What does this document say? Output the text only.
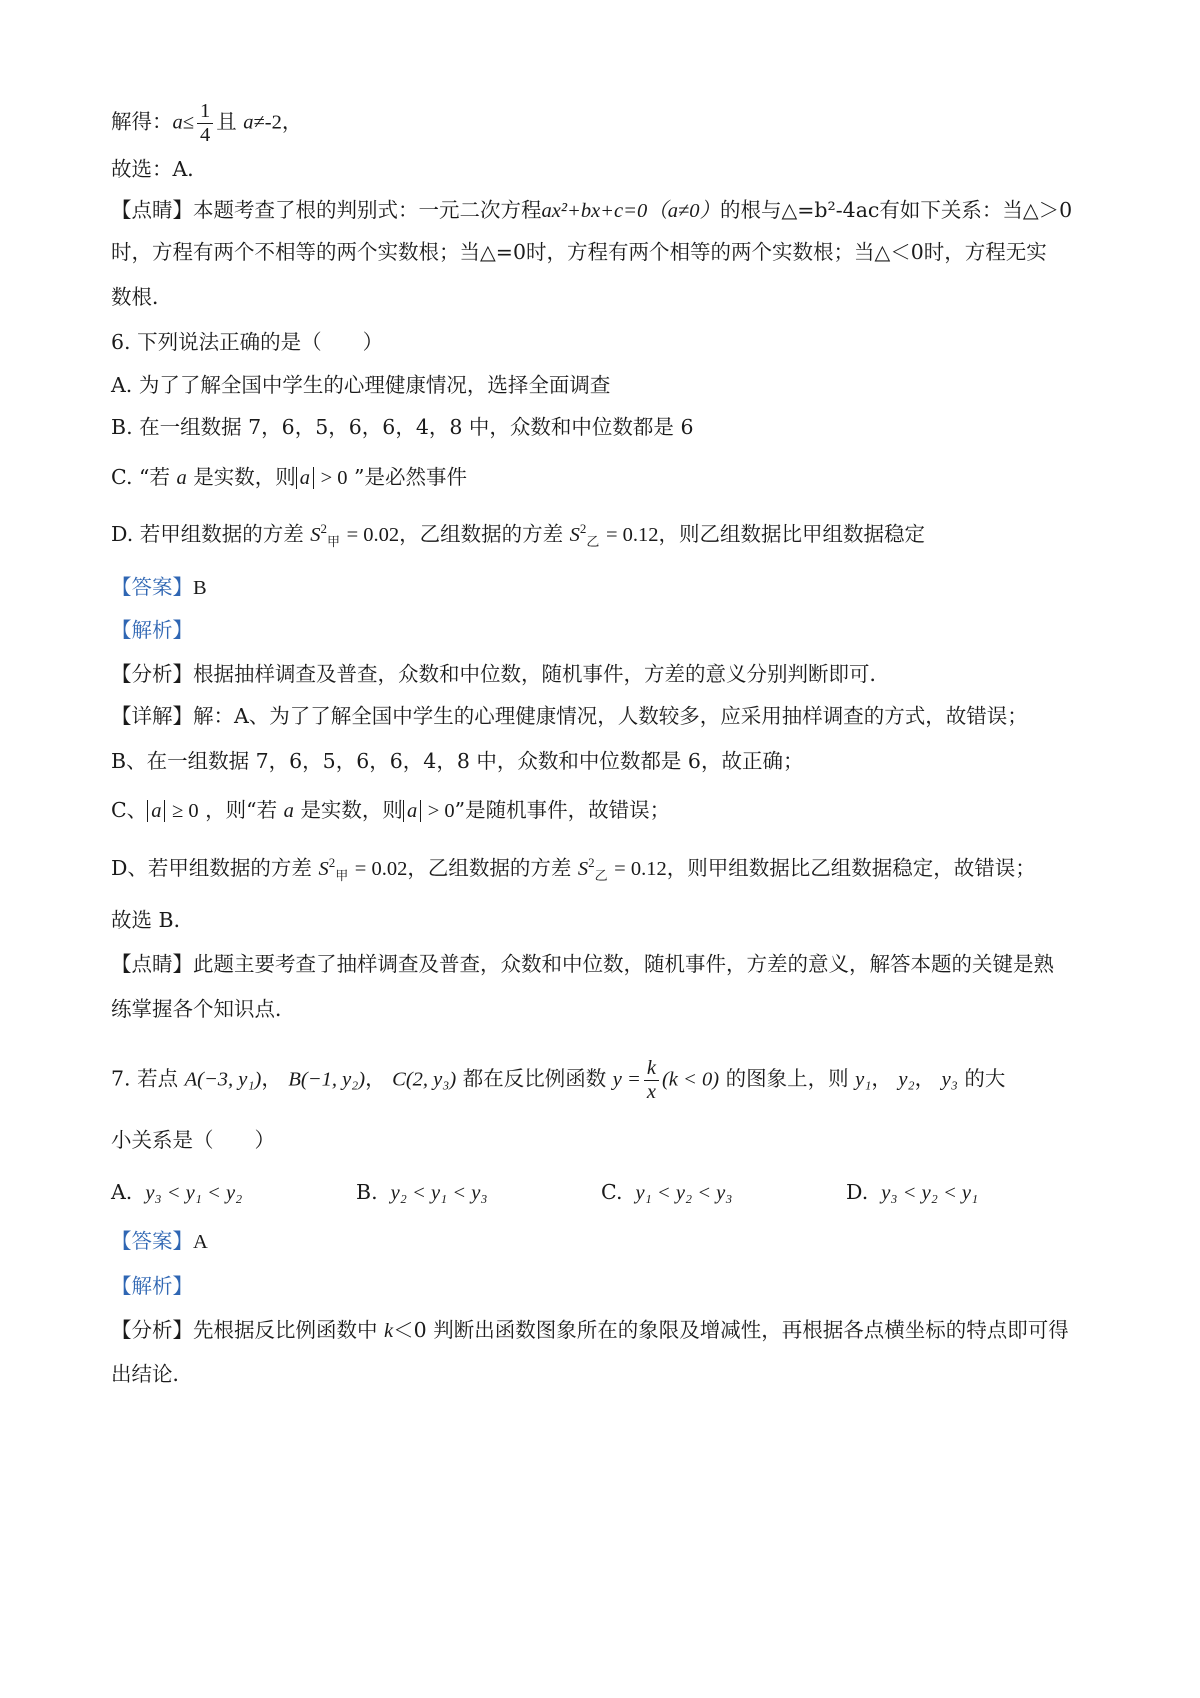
解得：$a\le \frac{1}{4}$ 且 a≠-2，
故选：A．
【点睛】本题考查了根的判别式：一元二次方程ax²+bx+c=0（a≠0）的根与△=b²-4ac有如下关系：当△＞0
时，方程有两个不相等的两个实数根；当△=0时，方程有两个相等的两个实数根；当△＜0时，方程无实
数根．
6. 下列说法正确的是（　　）
A. 为了了解全国中学生的心理健康情况，选择全面调查
B. 在一组数据 7，6，5，6，6，4，8 中，众数和中位数都是 6
C. “若 a 是实数，则 a > 0 ”是必然事件
D. 若甲组数据的方差 $S^2_甲 = 0.02$，乙组数据的方差 $S^2_乙 = 0.12$，则乙组数据比甲组数据稳定
【答案】B
【解析】
【分析】根据抽样调查及普查，众数和中位数，随机事件，方差的意义分别判断即可．
【详解】解：A、为了了解全国中学生的心理健康情况，人数较多，应采用抽样调查的方式，故错误；
B、在一组数据 7，6，5，6，6，4，8 中，众数和中位数都是 6，故正确；
C、 a ≥ 0 ，则“若 a 是实数，则 a > 0”是随机事件，故错误；
D、若甲组数据的方差 $S^2_甲 = 0.02$，乙组数据的方差 $S^2_乙 = 0.12$，则甲组数据比乙组数据稳定，故错误；
故选 B．
【点睛】此题主要考查了抽样调查及普查，众数和中位数，随机事件，方差的意义，解答本题的关键是熟
练掌握各个知识点．
7. 若点 A(−3, y₁)， B(−1, y₂)， C(2, y₃) 都在反比例函数 $y = \frac{k}{x} (k < 0)$ 的图象上，则 y₁， y₂， y₃ 的大
小关系是（　　）
A. y₃ < y₁ < y₂	B. y₂ < y₁ < y₃	C. y₁ < y₂ < y₃	D. y₃ < y₂ < y₁
【答案】A
【解析】
【分析】先根据反比例函数中 k＜0 判断出函数图象所在的象限及增减性，再根据各点横坐标的特点即可得
出结论．
